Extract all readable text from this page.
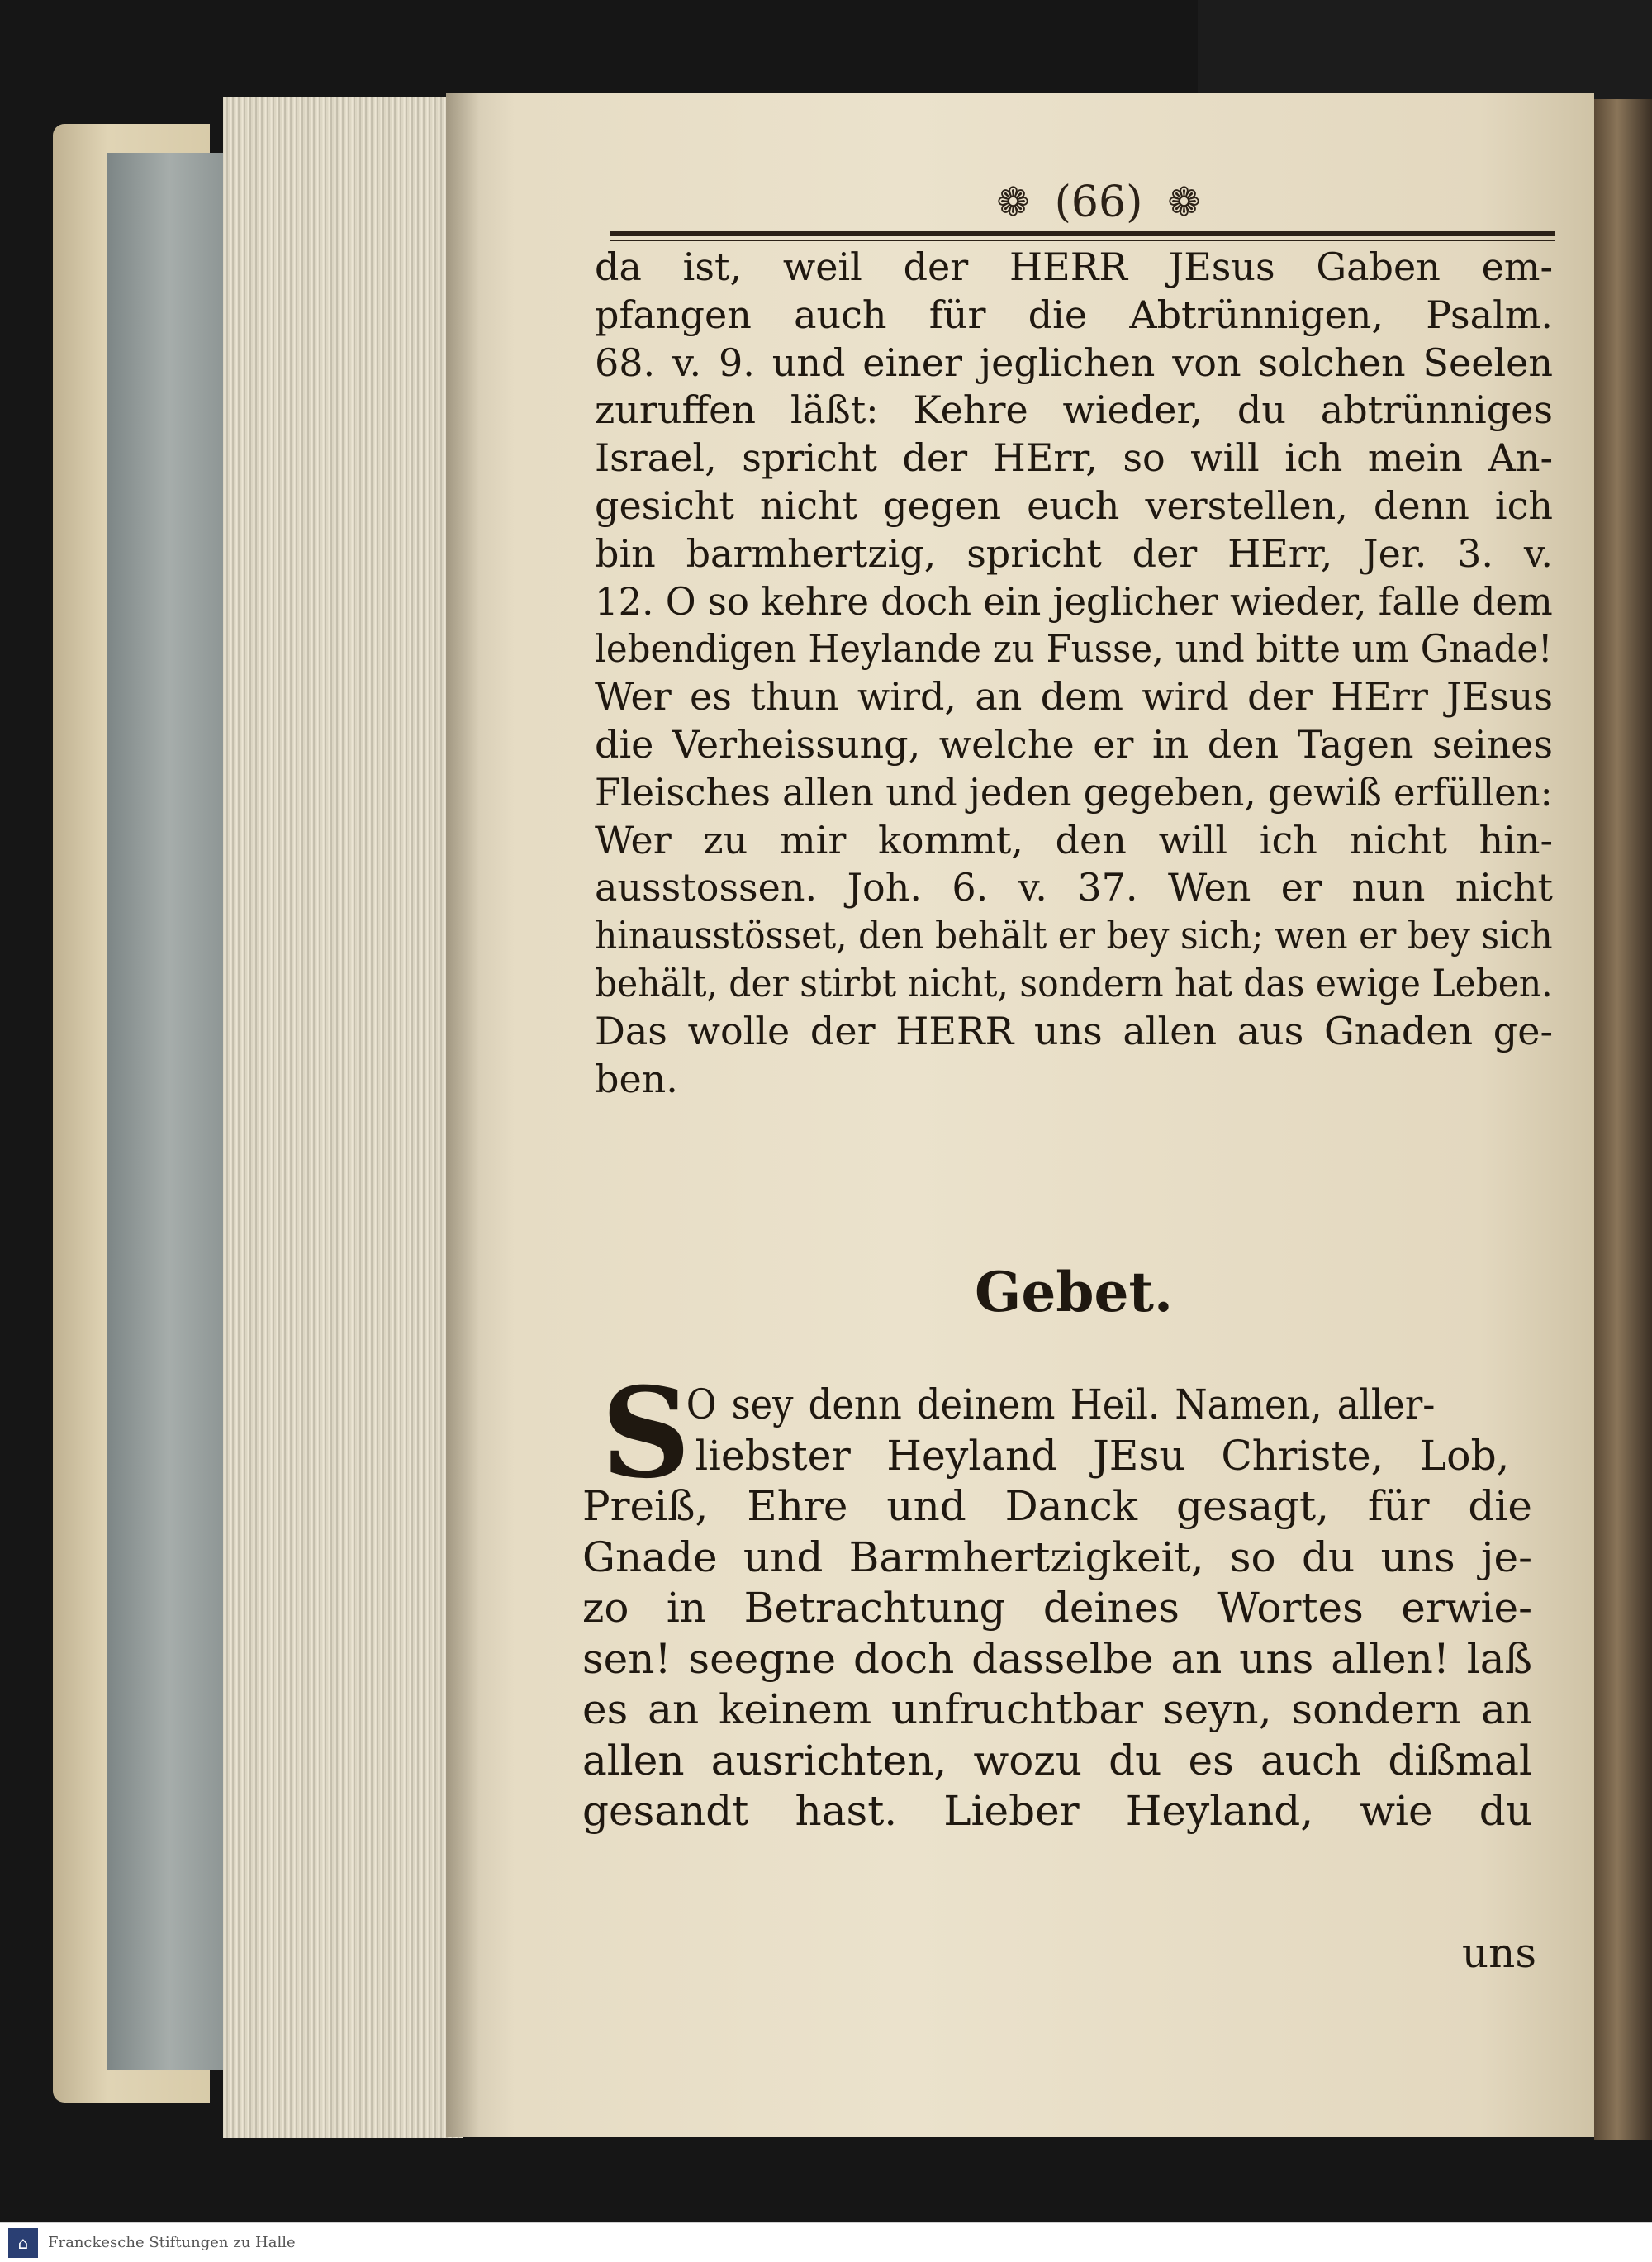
❁ (66) ❁
da ist, weil der HERR JEsus Gaben em-
pfangen auch für die Abtrünnigen, Psalm.
68. v. 9. und einer jeglichen von solchen Seelen
zuruffen läßt: Kehre wieder, du abtrünniges
Israel, spricht der HErr, so will ich mein An-
gesicht nicht gegen euch verstellen, denn ich
bin barmhertzig, spricht der HErr, Jer. 3. v.
12. O so kehre doch ein jeglicher wieder, falle dem
lebendigen Heylande zu Fusse, und bitte um Gnade!
Wer es thun wird, an dem wird der HErr JEsus
die Verheissung, welche er in den Tagen seines
Fleisches allen und jeden gegeben, gewiß erfüllen:
Wer zu mir kommt, den will ich nicht hin-
ausstossen. Joh. 6. v. 37. Wen er nun nicht
hinausstösset, den behält er bey sich; wen er bey sich
behält, der stirbt nicht, sondern hat das ewige Leben.
Das wolle der HERR uns allen aus Gnaden ge-
ben.
Gebet.
S
O sey denn deinem Heil. Namen, aller-
liebster Heyland JEsu Christe, Lob,
Preiß, Ehre und Danck gesagt, für die
Gnade und Barmhertzigkeit, so du uns je-
zo in Betrachtung deines Wortes erwie-
sen! seegne doch dasselbe an uns allen! laß
es an keinem unfruchtbar seyn, sondern an
allen ausrichten, wozu du es auch dißmal
gesandt hast. Lieber Heyland, wie du
uns
⌂	Franckesche Stiftungen zu Halle
